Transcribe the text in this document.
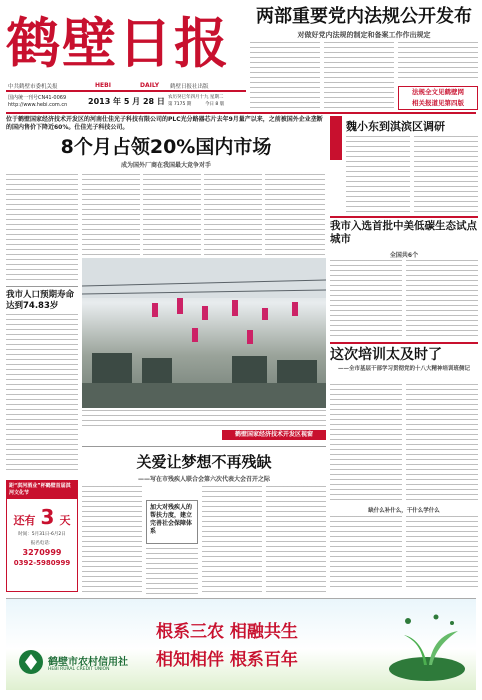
鹤壁日报
HEBI	DAILY
中共鹤壁市委机关报	鹤壁日报社出版
国内统一刊号CN41-0069
http://www.hebi.com.cn	2013 年 5 月 28 日 农历癸巳年四月十九 星期二
第 7175 期	今日 8 版
两部重要党内法规公开发布
对做好党内法规的制定和备案工作作出规定
法规全文见鹤壁网
相关报道见第四版
位于鹤壁国家经济技术开发区的河南仕佳光子科技有限公司的PLC光分路器芯片去年9月量产以来，之前被国外企业垄断的国内售价下降近60%。仕佳光子科技公司。
8个月占领20%国内市场
成为国外厂商在我国最大竞争对手
我市人口预期寿命达到74.83岁
距“淇河酒业”杯鹤壁首届淇河文化节
还有 3 天
时间：5月31日-6月2日
报名电话：
3270999
0392-5980999
鹤壁国家经济技术开发区视窗
魏小东到淇滨区调研
我市入选首批中美低碳生态试点城市
全国共6个
这次培训太及时了
——全市基层干部学习贯彻党的十八大精神培训班侧记
缺什么补什么，干什么学什么
关爱让梦想不再残缺
——写在市残疾人联合会第六次代表大会召开之际
加大对残疾人的帮扶力度，建立完善社会保障体系
鹤壁市农村信用社
HEBI RURAL CREDIT UNION
根系三农 相融共生
相知相伴 根系百年
